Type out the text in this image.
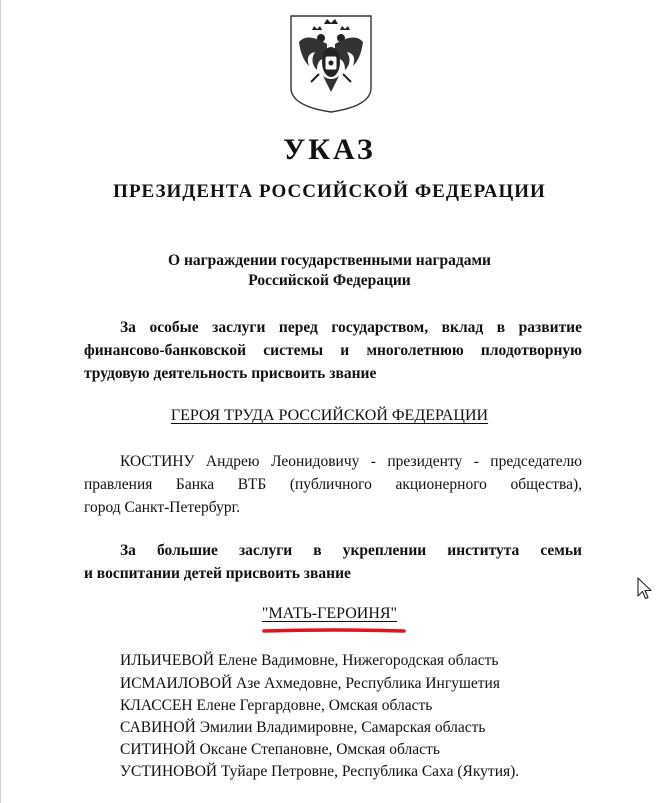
УКАЗ
ПРЕЗИДЕНТА РОССИЙСКОЙ ФЕДЕРАЦИИ
О награждении государственными наградами
Российской Федерации
За особые заслуги перед государством, вклад в развитие
финансово-банковской системы и многолетнюю плодотворную
трудовую деятельность присвоить звание
ГЕРОЯ ТРУДА РОССИЙСКОЙ ФЕДЕРАЦИИ
КОСТИНУ Андрею Леонидовичу - президенту - председателю
правления Банка ВТБ (публичного акционерного общества),
город Санкт-Петербург.
За большие заслуги в укреплении института семьи
и воспитании детей присвоить звание
"МАТЬ-ГЕРОИНЯ"
ИЛЬИЧЕВОЙ Елене Вадимовне, Нижегородская область
ИСМАИЛОВОЙ Азе Ахмедовне, Республика Ингушетия
КЛАССЕН Елене Гергардовне, Омская область
САВИНОЙ Эмилии Владимировне, Самарская область
СИТИНОЙ Оксане Степановне, Омская область
УСТИНОВОЙ Туйаре Петровне, Республика Саха (Якутия).
